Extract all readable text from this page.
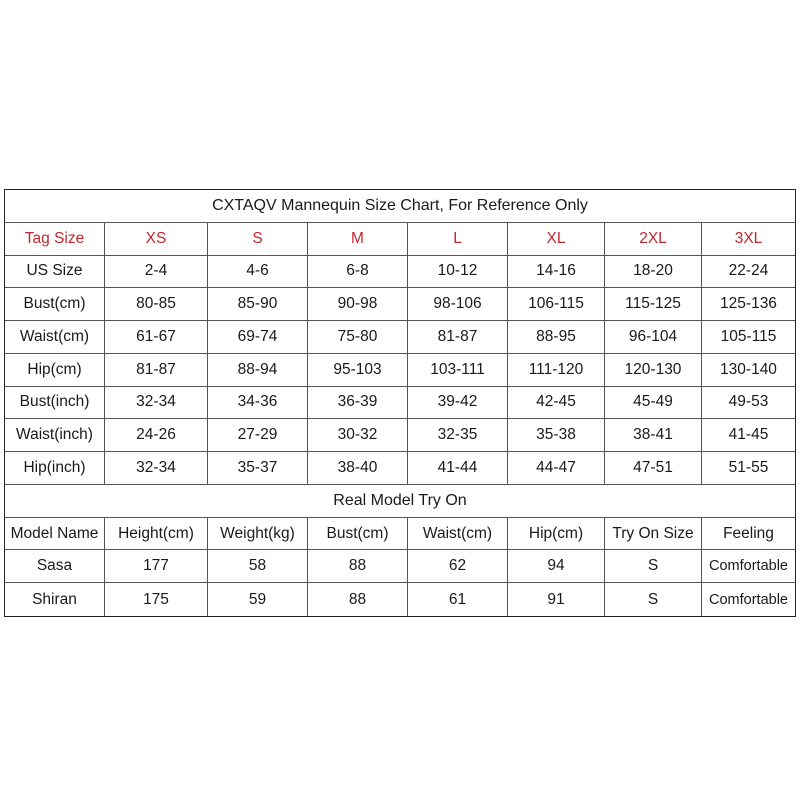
CXTAQV Mannequin Size Chart, For Reference Only
Tag Size	XS	S	M	L	XL	2XL	3XL
US Size	2-4	4-6	6-8	10-12	14-16	18-20	22-24
Bust(cm)	80-85	85-90	90-98	98-106	106-115	115-125	125-136
Waist(cm)	61-67	69-74	75-80	81-87	88-95	96-104	105-115
Hip(cm)	81-87	88-94	95-103	103-111	111-120	120-130	130-140
Bust(inch)	32-34	34-36	36-39	39-42	42-45	45-49	49-53
Waist(inch)	24-26	27-29	30-32	32-35	35-38	38-41	41-45
Hip(inch)	32-34	35-37	38-40	41-44	44-47	47-51	51-55
Real Model Try On
Model Name	Height(cm)	Weight(kg)	Bust(cm)	Waist(cm)	Hip(cm)	Try On Size	Feeling
Sasa	177	58	88	62	94	S	Comfortable
Shiran	175	59	88	61	91	S	Comfortable
